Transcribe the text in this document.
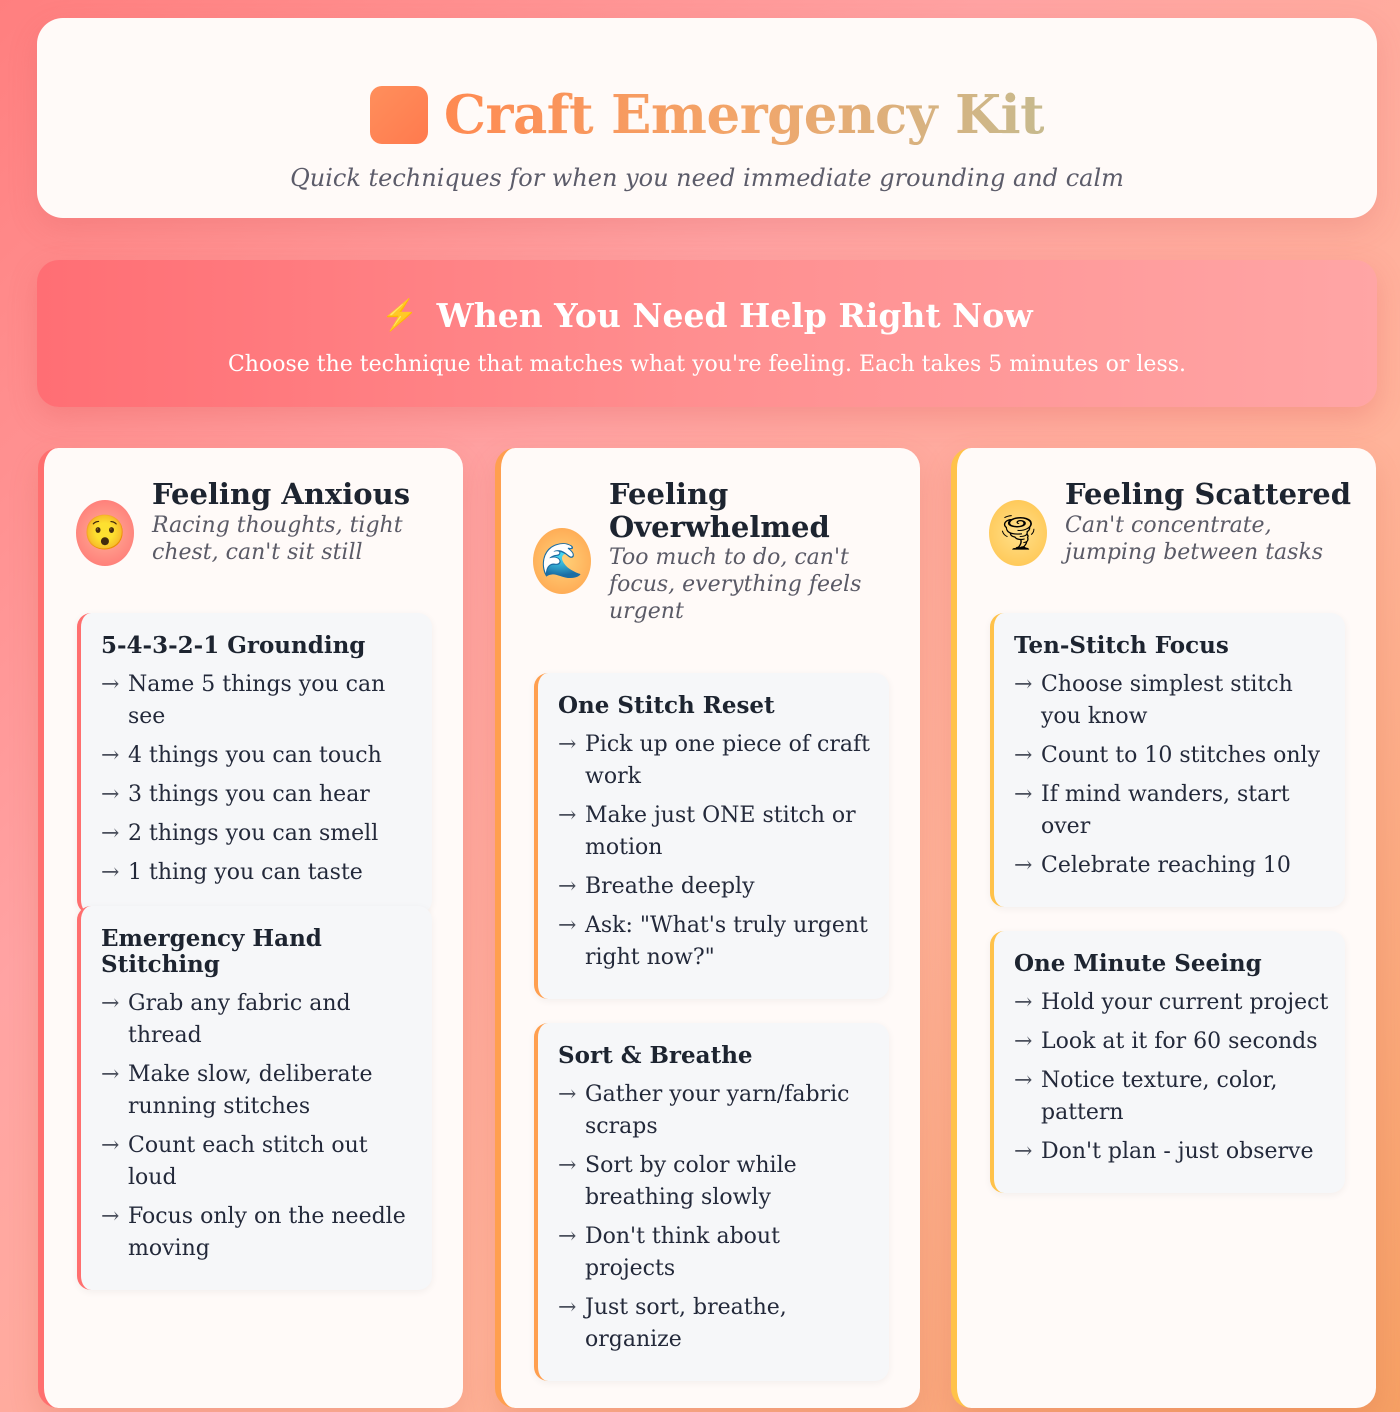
Craft Emergency Kit

Quick techniques for when you need immediate grounding and calm

⚡ When You Need Help Right Now

Choose the technique that matches what you're feeling. Each takes 5 minutes or less.

😯
Feeling Anxious

Racing thoughts, tight chest, can't sit still

5-4-3-2-1 Grounding
→ Name 5 things you can see
→ 4 things you can touch
→ 3 things you can hear
→ 2 things you can smell
→ 1 thing you can taste
Emergency Hand Stitching
→ Grab any fabric and thread
→ Make slow, deliberate running stitches
→ Count each stitch out loud
→ Focus only on the needle moving
🌊
Feeling Overwhelmed

Too much to do, can't focus, everything feels urgent

One Stitch Reset
→ Pick up one piece of craft work
→ Make just ONE stitch or motion
→ Breathe deeply
→ Ask: "What's truly urgent right now?"
Sort & Breathe
→ Gather your yarn/fabric scraps
→ Sort by color while breathing slowly
→ Don't think about projects
→ Just sort, breathe, organize
🌪
Feeling Scattered

Can't concentrate, jumping between tasks

Ten-Stitch Focus
→ Choose simplest stitch you know
→ Count to 10 stitches only
→ If mind wanders, start over
→ Celebrate reaching 10
One Minute Seeing
→ Hold your current project
→ Look at it for 60 seconds
→ Notice texture, color, pattern
→ Don't plan - just observe
